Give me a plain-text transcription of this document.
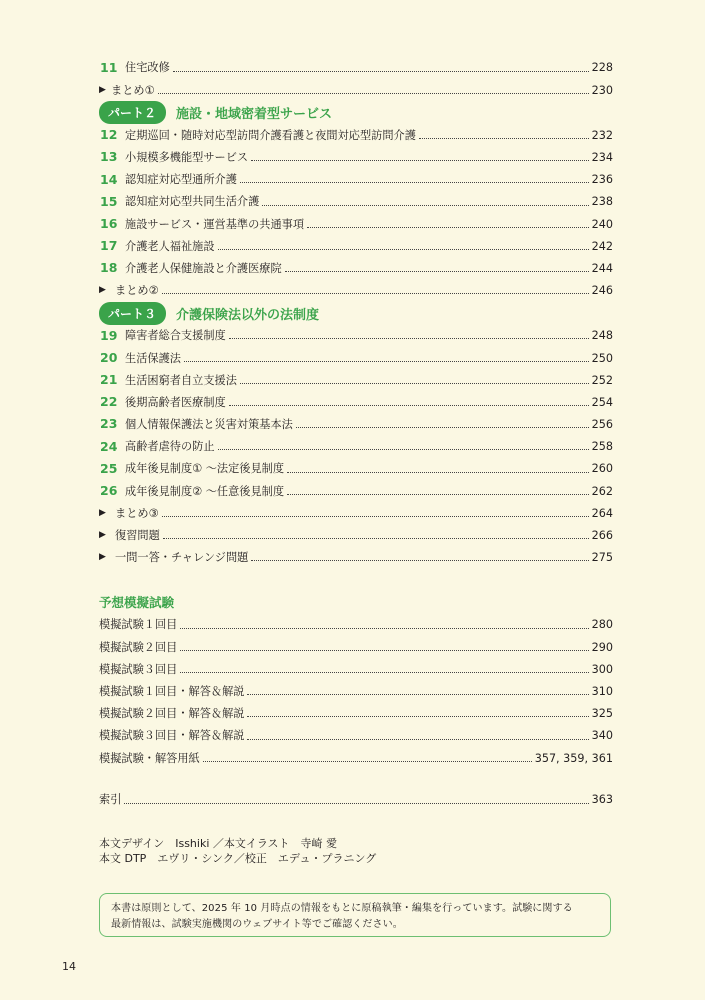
11 住宅改修	228
▶ まとめ①	230
パート２	施設・地域密着型サービス
12 定期巡回・随時対応型訪問介護看護と夜間対応型訪問介護	232
13 小規模多機能型サービス	234
14 認知症対応型通所介護	236
15 認知症対応型共同生活介護	238
16 施設サービス・運営基準の共通事項	240
17 介護老人福祉施設	242
18 介護老人保健施設と介護医療院	244
▶ まとめ②	246
パート３	介護保険法以外の法制度
19 障害者総合支援制度	248
20 生活保護法	250
21 生活困窮者自立支援法	252
22 後期高齢者医療制度	254
23 個人情報保護法と災害対策基本法	256
24 高齢者虐待の防止	258
25 成年後見制度① ～法定後見制度	260
26 成年後見制度② ～任意後見制度	262
▶ まとめ③	264
▶ 復習問題	266
▶ 一問一答・チャレンジ問題	275
予想模擬試験
模擬試験１回目	280
模擬試験２回目	290
模擬試験３回目	300
模擬試験１回目・解答＆解説	310
模擬試験２回目・解答＆解説	325
模擬試験３回目・解答＆解説	340
模擬試験・解答用紙	357, 359, 361
索引	363
本文デザイン　Isshiki ／本文イラスト　寺崎 愛
本文 DTP　エヴリ・シンク／校正　エデュ・プラニング
本書は原則として、2025 年 10 月時点の情報をもとに原稿執筆・編集を行っています。試験に関する
最新情報は、試験実施機関のウェブサイト等でご確認ください。
14
